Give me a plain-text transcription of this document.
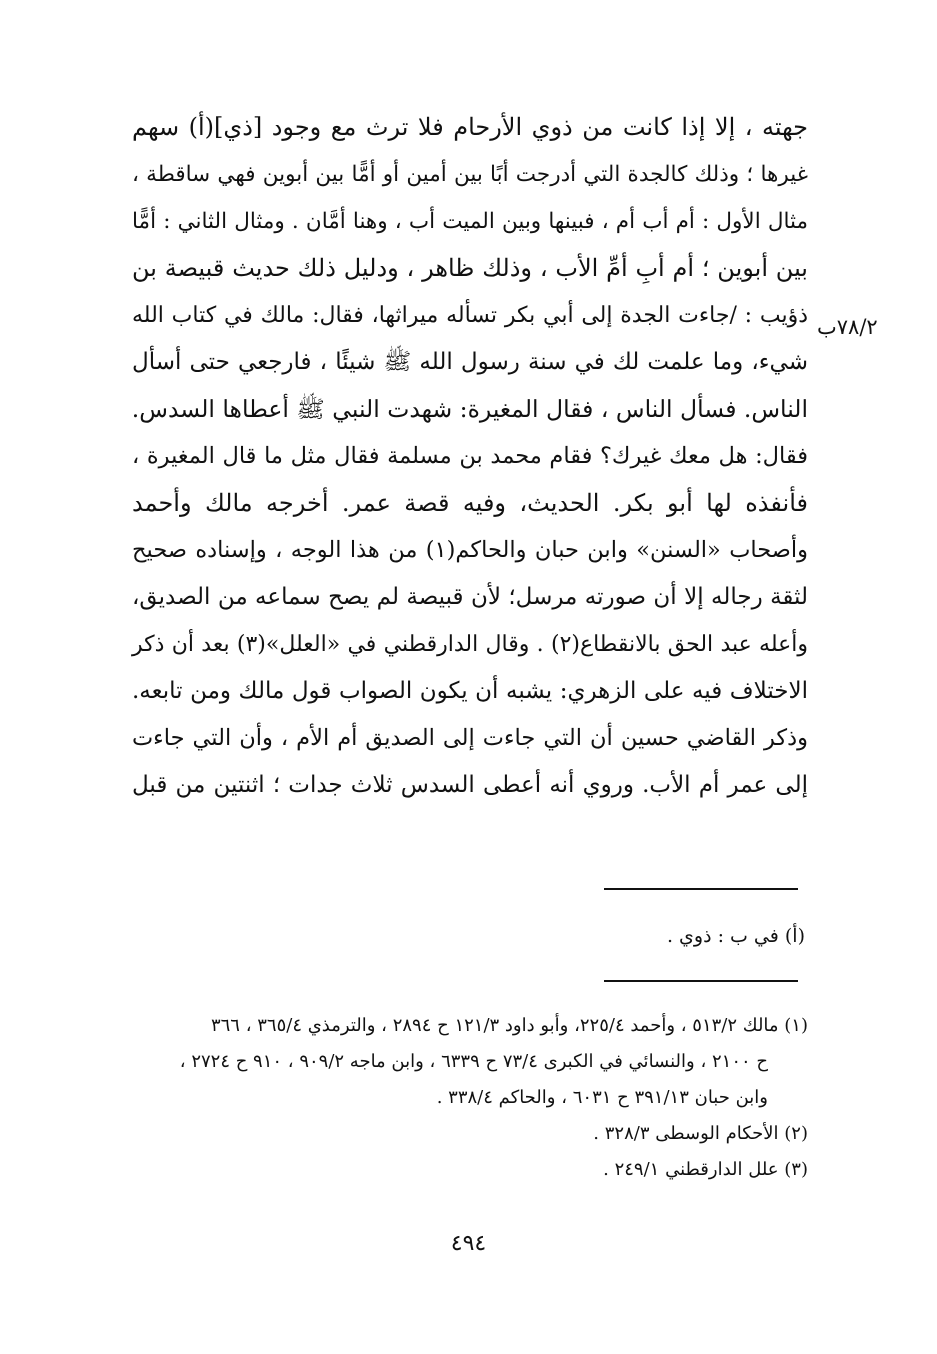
٧٨/٢ب
جهته ، إلا إذا كانت من ذوي الأرحام فلا ترث مع وجود [ذي](أ) سهم
غيرها ؛ وذلك كالجدة التي أدرجت أبًا بين أمين أو أمًّا بين أبوين فهي ساقطة ،
مثال الأول : أم أب أم ، فبينها وبين الميت أب ، وهنا أمَّان . ومثال الثاني : أمًّا
بين أبوين ؛ أم أبِ أمِّ الأب ، وذلك ظاهر ، ودليل ذلك حديث قبيصة بن
ذؤيب : /جاءت الجدة إلى أبي بكر تسأله ميراثها، فقال: مالك في كتاب الله
شيء، وما علمت لك في سنة رسول الله ﷺ شيئًا ، فارجعي حتى أسأل
الناس. فسأل الناس ، فقال المغيرة: شهدت النبي ﷺ أعطاها السدس.
فقال: هل معك غيرك؟ فقام محمد بن مسلمة فقال مثل ما قال المغيرة ،
فأنفذه لها أبو بكر. الحديث، وفيه قصة عمر. أخرجه مالك وأحمد
وأصحاب «السنن» وابن حبان والحاكم(١) من هذا الوجه ، وإسناده صحيح
لثقة رجاله إلا أن صورته مرسل؛ لأن قبيصة لم يصح سماعه من الصديق،
وأعله عبد الحق بالانقطاع(٢) . وقال الدارقطني في «العلل»(٣) بعد أن ذكر
الاختلاف فيه على الزهري: يشبه أن يكون الصواب قول مالك ومن تابعه.
وذكر القاضي حسين أن التي جاءت إلى الصديق أم الأم ، وأن التي جاءت
إلى عمر أم الأب. وروي أنه أعطى السدس ثلاث جدات ؛ اثنتين من قبل
(أ) في ب : ذوي .
(١) مالك ٥١٣/٢ ، وأحمد ٢٢٥/٤، وأبو داود ١٢١/٣ ح ٢٨٩٤ ، والترمذي ٣٦٥/٤ ، ٣٦٦
ح ٢١٠٠ ، والنسائي في الكبرى ٧٣/٤ ح ٦٣٣٩ ، وابن ماجه ٩٠٩/٢ ، ٩١٠ ح ٢٧٢٤ ،
وابن حبان ٣٩١/١٣ ح ٦٠٣١ ، والحاكم ٣٣٨/٤ .
(٢) الأحكام الوسطى ٣٢٨/٣ .
(٣) علل الدارقطني ٢٤٩/١ .
٤٩٤
